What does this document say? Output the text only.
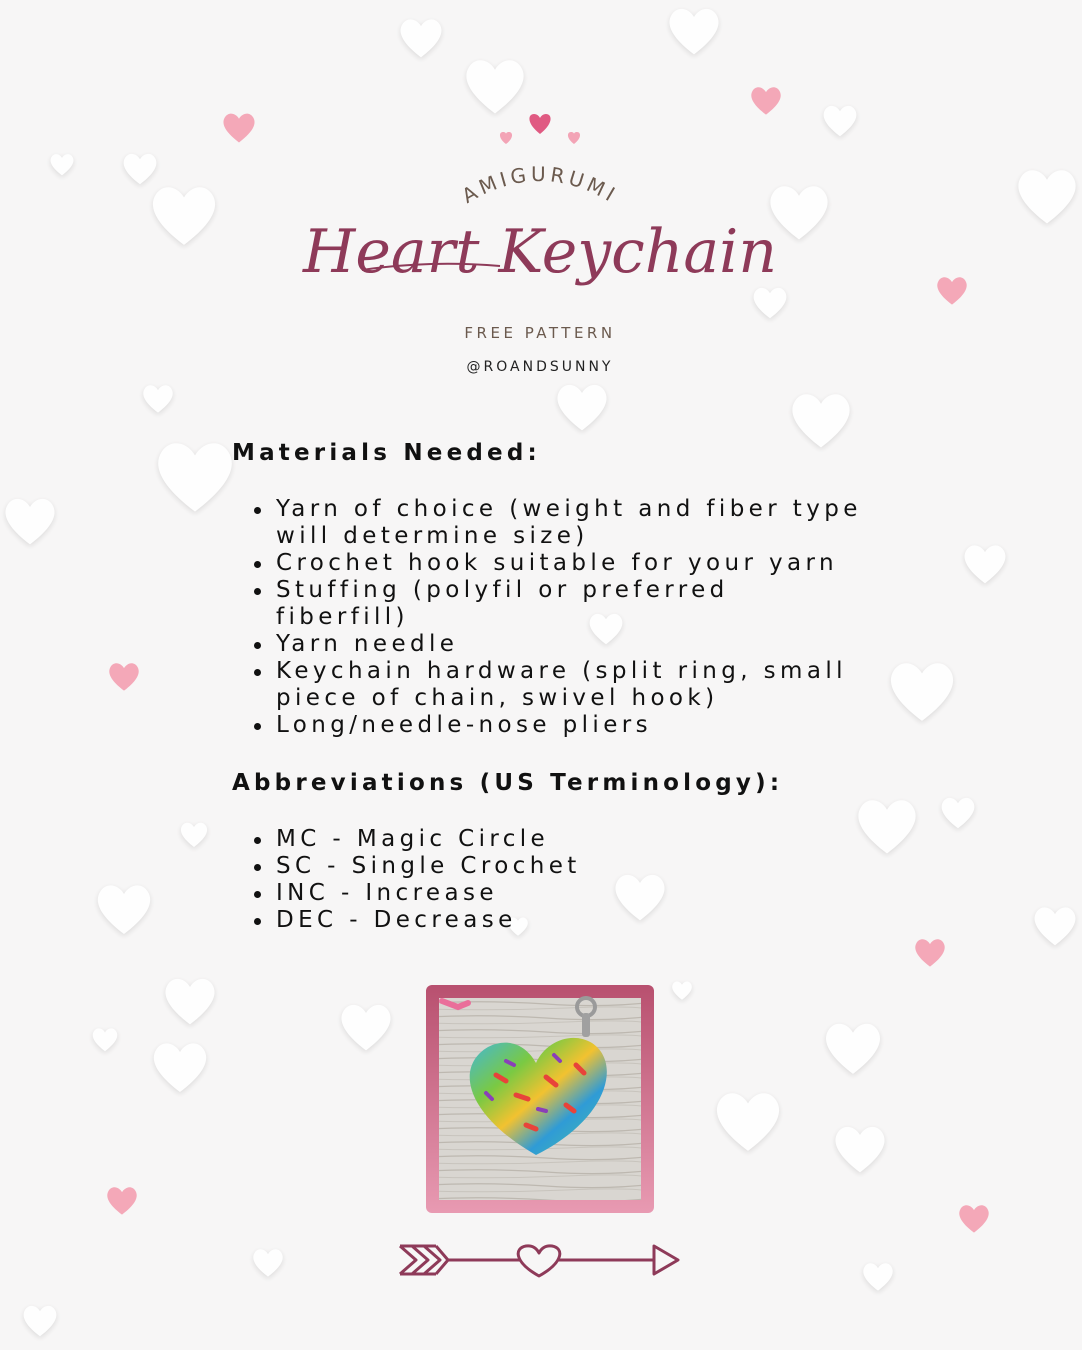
AMIGURUMI
Heart Keychain
FREE PATTERN
@ROANDSUNNY
Materials Needed:
Yarn of choice (weight and fiber type will determine size)
Crochet hook suitable for your yarn
Stuffing (polyfil or preferred fiberfill)
Yarn needle
Keychain hardware (split ring, small piece of chain, swivel hook)
Long/needle-nose pliers
Abbreviations (US Terminology):
MC - Magic Circle
SC - Single Crochet
INC - Increase
DEC - Decrease
